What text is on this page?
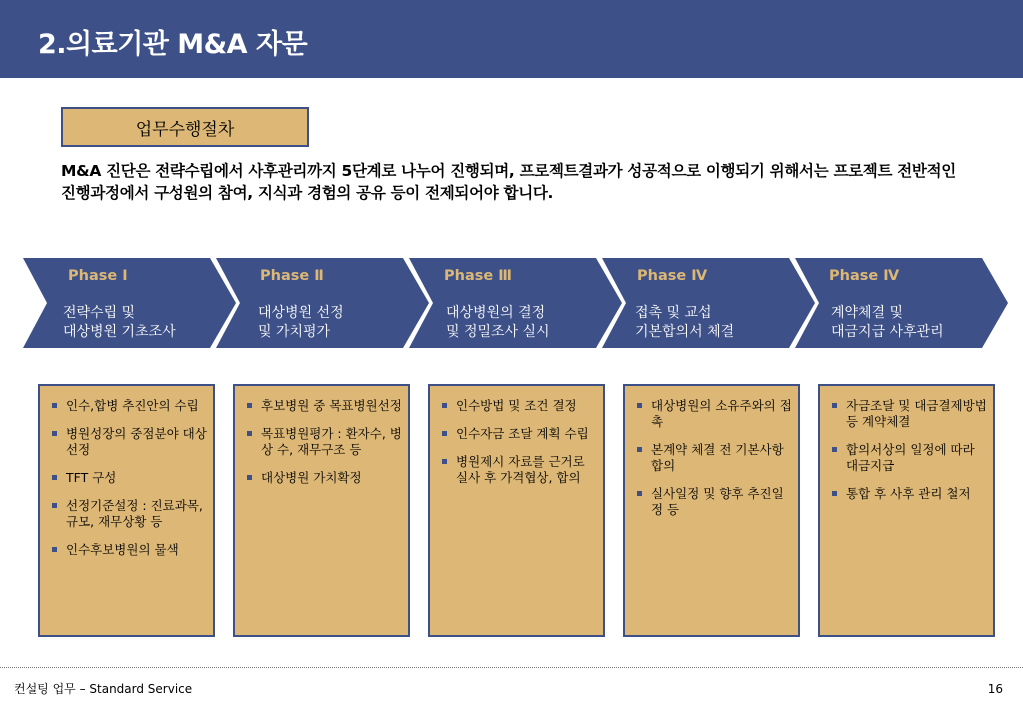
2.의료기관 M&A 자문
업무수행절차
M&A 진단은 전략수립에서 사후관리까지 5단계로 나누어 진행되며, 프로젝트결과가 성공적으로 이행되기 위해서는 프로젝트 전반적인 진행과정에서 구성원의 참여, 지식과 경험의 공유 등이 전제되어야 합니다.
Phase Ⅰ
전략수립 및
대상병원 기초조사
Phase Ⅱ
대상병원 선정
및 가치평가
Phase Ⅲ
대상병원의 결정
및 정밀조사 실시
Phase Ⅳ
접촉 및 교섭
기본합의서 체결
Phase Ⅳ
계약체결 및
대금지급 사후관리
인수,합병 추진안의 수립
병원성장의 중점분야 대상 선정
TFT 구성
선정기준설정 : 진료과목, 규모, 재무상황 등
인수후보병원의 물색
후보병원 중 목표병원선정
목표병원평가 : 환자수, 병상 수, 재무구조 등
대상병원 가치확정
인수방법 및 조건 결정
인수자금 조달 계획 수립
병원제시 자료를 근거로 실사 후 가격협상, 합의
대상병원의 소유주와의 접촉
본계약 체결 전 기본사항 합의
실사일정 및 향후 추진일정 등
자금조달 및 대금결제방법 등 계약체결
합의서상의 일정에 따라 대금지급
통합 후 사후 관리 철저
컨설팅 업무 – Standard Service	16
